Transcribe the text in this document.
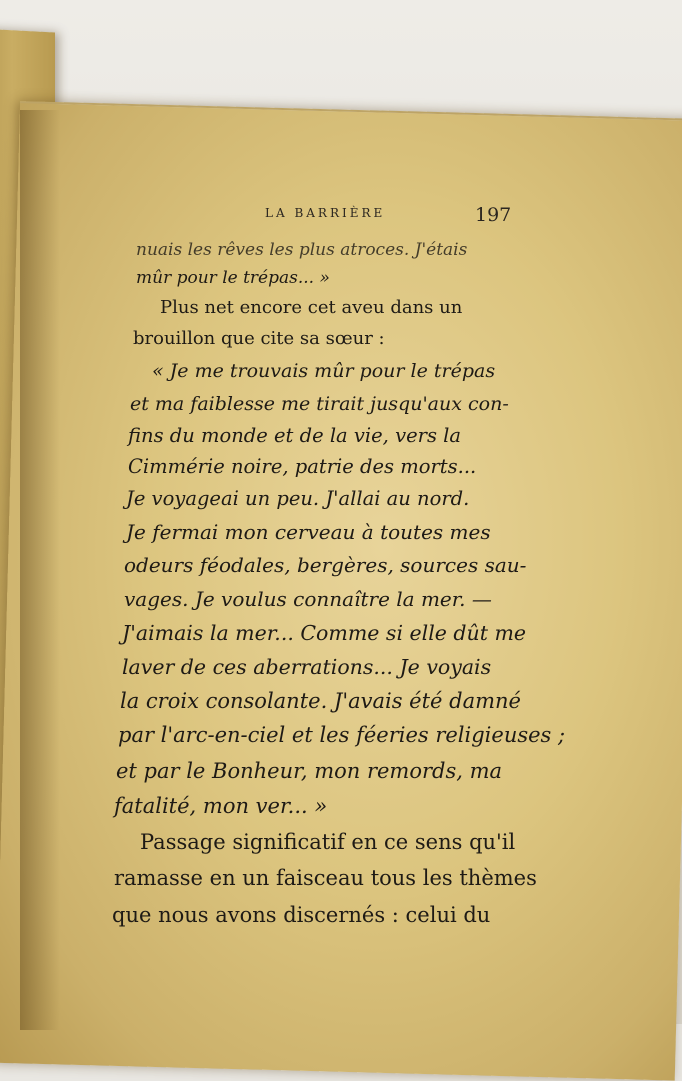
LA BARRIÈRE	197
nuais les rêves les plus atroces. J'étais
mûr pour le trépas... »
Plus net encore cet aveu dans un
brouillon que cite sa sœur :
« Je me trouvais mûr pour le trépas
et ma faiblesse me tirait jusqu'aux con-
fins du monde et de la vie, vers la
Cimmérie noire, patrie des morts...
Je voyageai un peu. J'allai au nord.
Je fermai mon cerveau à toutes mes
odeurs féodales, bergères, sources sau-
vages. Je voulus connaître la mer. —
J'aimais la mer... Comme si elle dût me
laver de ces aberrations... Je voyais
la croix consolante. J'avais été damné
par l'arc-en-ciel et les féeries religieuses ;
et par le Bonheur, mon remords, ma
fatalité, mon ver... »
Passage significatif en ce sens qu'il
ramasse en un faisceau tous les thèmes
que nous avons discernés : celui du
